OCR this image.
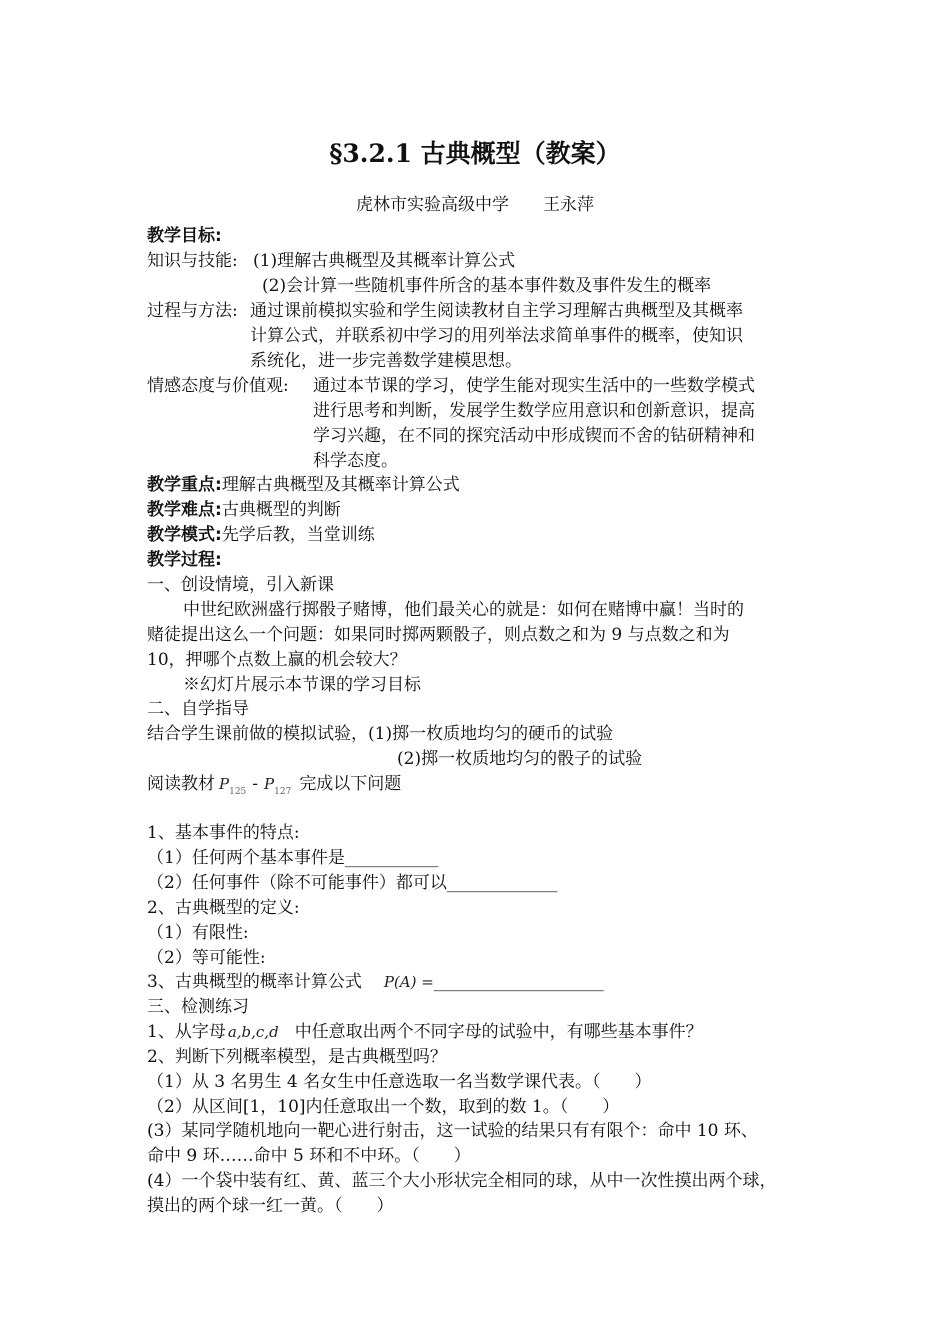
§3.2.1 古典概型（教案）
虎林市实验高级中学　　王永萍
教学目标:
知识与技能: (1)理解古典概型及其概率计算公式
(2)会计算一些随机事件所含的基本事件数及事件发生的概率
过程与方法: 通过课前模拟实验和学生阅读教材自主学习理解古典概型及其概率
计算公式，并联系初中学习的用列举法求简单事件的概率，使知识
系统化，进一步完善数学建模思想。
情感态度与价值观: 通过本节课的学习，使学生能对现实生活中的一些数学模式
进行思考和判断，发展学生数学应用意识和创新意识，提高
学习兴趣，在不同的探究活动中形成锲而不舍的钻研精神和
科学态度。
教学重点:理解古典概型及其概率计算公式
教学难点:古典概型的判断
教学模式:先学后教，当堂训练
教学过程:
一、创设情境，引入新课
中世纪欧洲盛行掷骰子赌博，他们最关心的就是：如何在赌博中赢！当时的
赌徒提出这么一个问题：如果同时掷两颗骰子，则点数之和为 9 与点数之和为
10，押哪个点数上赢的机会较大？
※幻灯片展示本节课的学习目标
二、自学指导
结合学生课前做的模拟试验，(1)掷一枚质地均匀的硬币的试验
(2)掷一枚质地均匀的骰子的试验
阅读教材 $P_{125} - P_{127}$ 完成以下问题
1、基本事件的特点:
（1）任何两个基本事件是___________
（2）任何事件（除不可能事件）都可以_____________
2、古典概型的定义:
（1）有限性:
（2）等可能性:
3、古典概型的概率计算公式 P(A) =____________________
三、检测练习
1、从字母 a,b,c,d 中任意取出两个不同字母的试验中，有哪些基本事件？
2、判断下列概率模型，是古典概型吗？
（1）从 3 名男生 4 名女生中任意选取一名当数学课代表。（　　）
（2）从区间[1，10]内任意取出一个数，取到的数 1。（　　）
(3）某同学随机地向一靶心进行射击，这一试验的结果只有有限个：命中 10 环、
命中 9 环……命中 5 环和不中环。（　　）
(4）一个袋中装有红、黄、蓝三个大小形状完全相同的球，从中一次性摸出两个球，
摸出的两个球一红一黄。（　　）
